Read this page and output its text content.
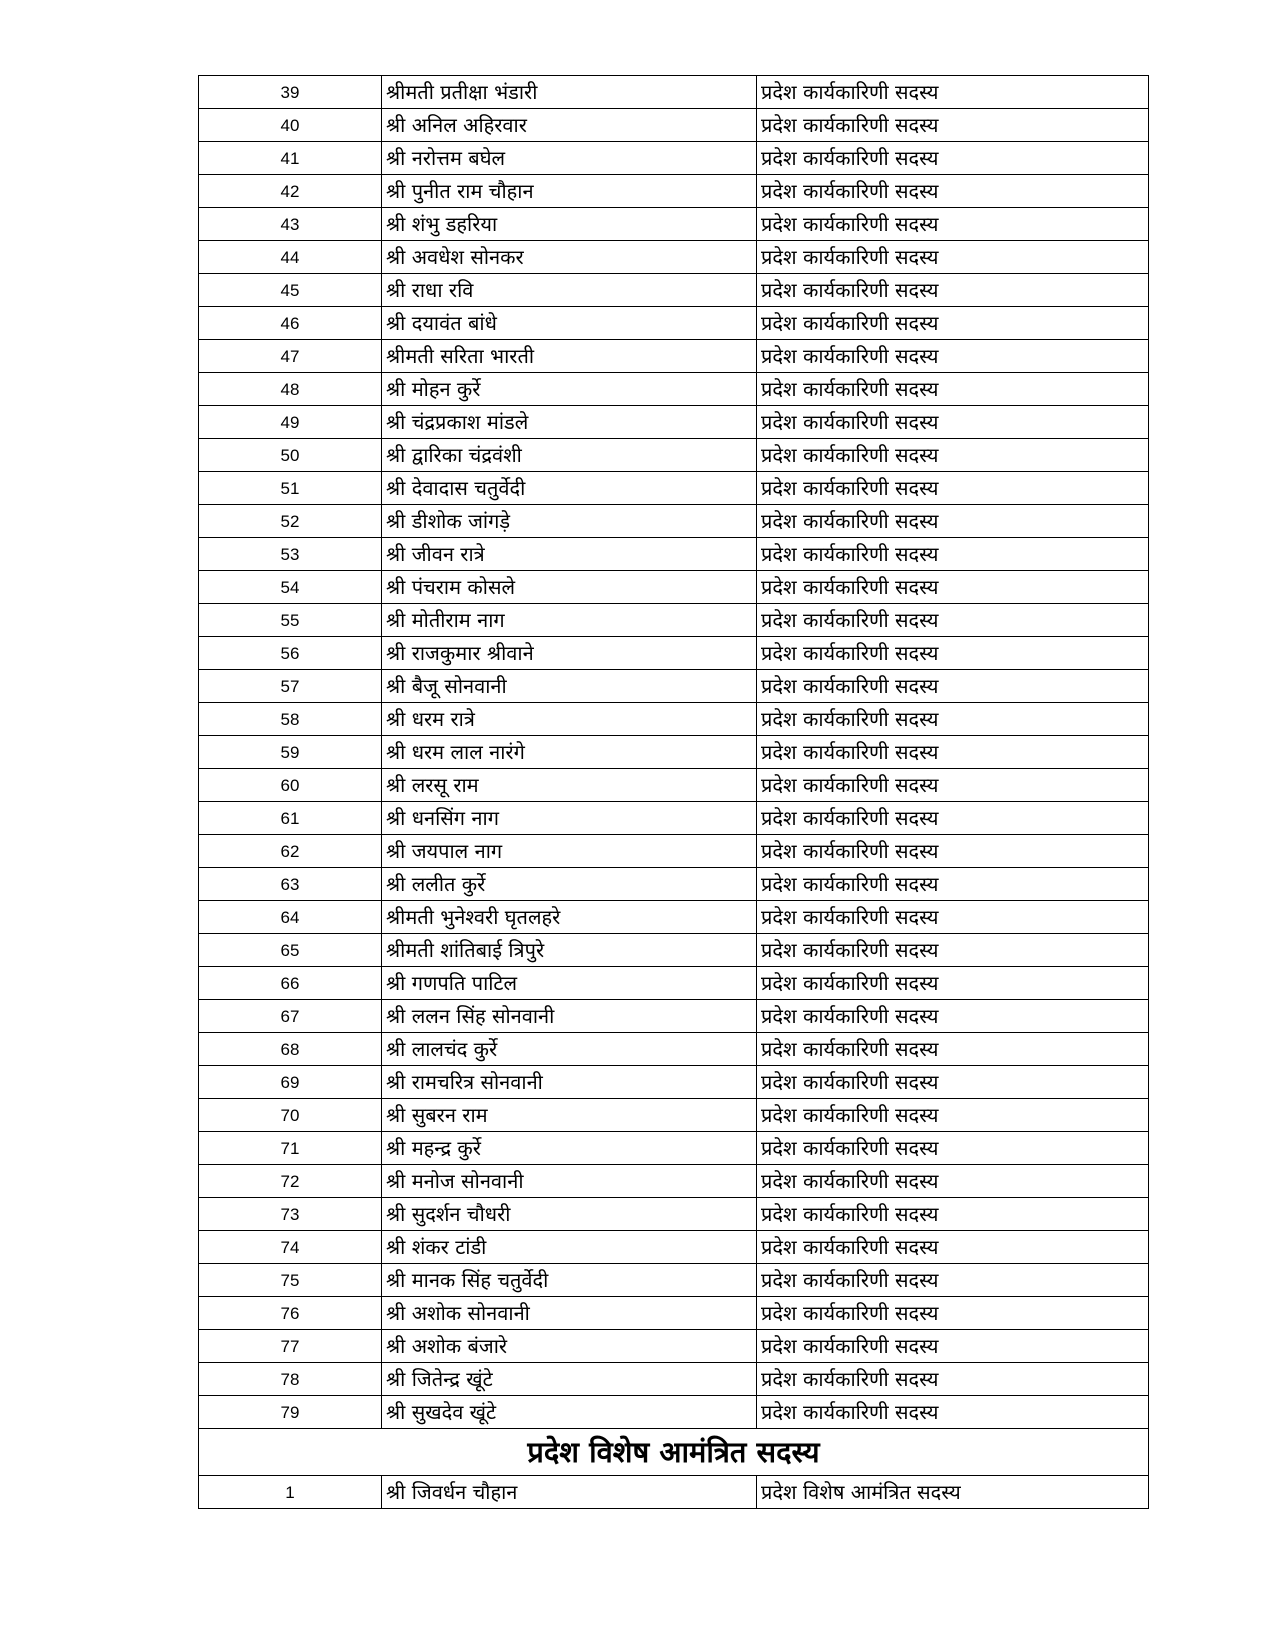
39	श्रीमती प्रतीक्षा भंडारी	प्रदेश कार्यकारिणी सदस्य
40	श्री अनिल अहिरवार	प्रदेश कार्यकारिणी सदस्य
41	श्री नरोत्तम बघेल	प्रदेश कार्यकारिणी सदस्य
42	श्री पुनीत राम चौहान	प्रदेश कार्यकारिणी सदस्य
43	श्री शंभु डहरिया	प्रदेश कार्यकारिणी सदस्य
44	श्री अवधेश सोनकर	प्रदेश कार्यकारिणी सदस्य
45	श्री राधा रवि	प्रदेश कार्यकारिणी सदस्य
46	श्री दयावंत बांधे	प्रदेश कार्यकारिणी सदस्य
47	श्रीमती सरिता भारती	प्रदेश कार्यकारिणी सदस्य
48	श्री मोहन कुर्रे	प्रदेश कार्यकारिणी सदस्य
49	श्री चंद्रप्रकाश मांडले	प्रदेश कार्यकारिणी सदस्य
50	श्री द्वारिका चंद्रवंशी	प्रदेश कार्यकारिणी सदस्य
51	श्री देवादास चतुर्वेदी	प्रदेश कार्यकारिणी सदस्य
52	श्री डीशोक जांगड़े	प्रदेश कार्यकारिणी सदस्य
53	श्री जीवन रात्रे	प्रदेश कार्यकारिणी सदस्य
54	श्री पंचराम कोसले	प्रदेश कार्यकारिणी सदस्य
55	श्री मोतीराम नाग	प्रदेश कार्यकारिणी सदस्य
56	श्री राजकुमार श्रीवाने	प्रदेश कार्यकारिणी सदस्य
57	श्री बैजू सोनवानी	प्रदेश कार्यकारिणी सदस्य
58	श्री धरम रात्रे	प्रदेश कार्यकारिणी सदस्य
59	श्री धरम लाल नारंगे	प्रदेश कार्यकारिणी सदस्य
60	श्री लरसू राम	प्रदेश कार्यकारिणी सदस्य
61	श्री धनसिंग नाग	प्रदेश कार्यकारिणी सदस्य
62	श्री जयपाल नाग	प्रदेश कार्यकारिणी सदस्य
63	श्री ललीत कुर्रे	प्रदेश कार्यकारिणी सदस्य
64	श्रीमती भुनेश्वरी घृतलहरे	प्रदेश कार्यकारिणी सदस्य
65	श्रीमती शांतिबाई त्रिपुरे	प्रदेश कार्यकारिणी सदस्य
66	श्री गणपति पाटिल	प्रदेश कार्यकारिणी सदस्य
67	श्री ललन सिंह सोनवानी	प्रदेश कार्यकारिणी सदस्य
68	श्री लालचंद कुर्रे	प्रदेश कार्यकारिणी सदस्य
69	श्री रामचरित्र सोनवानी	प्रदेश कार्यकारिणी सदस्य
70	श्री सुबरन राम	प्रदेश कार्यकारिणी सदस्य
71	श्री महन्द्र कुर्रे	प्रदेश कार्यकारिणी सदस्य
72	श्री मनोज सोनवानी	प्रदेश कार्यकारिणी सदस्य
73	श्री सुदर्शन चौधरी	प्रदेश कार्यकारिणी सदस्य
74	श्री शंकर टांडी	प्रदेश कार्यकारिणी सदस्य
75	श्री मानक सिंह चतुर्वेदी	प्रदेश कार्यकारिणी सदस्य
76	श्री अशोक सोनवानी	प्रदेश कार्यकारिणी सदस्य
77	श्री अशोक बंजारे	प्रदेश कार्यकारिणी सदस्य
78	श्री जितेन्द्र खूंटे	प्रदेश कार्यकारिणी सदस्य
79	श्री सुखदेव खूंटे	प्रदेश कार्यकारिणी सदस्य
प्रदेश विशेष आमंत्रित सदस्य		
1	श्री जिवर्धन चौहान	प्रदेश विशेष आमंत्रित सदस्य
